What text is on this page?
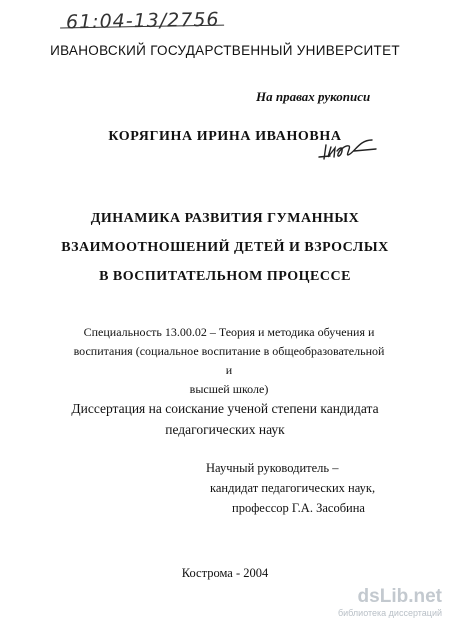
61:04-13/2756
ИВАНОВСКИЙ ГОСУДАРСТВЕННЫЙ УНИВЕРСИТЕТ
На правах рукописи
КОРЯГИНА ИРИНА ИВАНОВНА
ДИНАМИКА РАЗВИТИЯ ГУМАННЫХ
ВЗАИМООТНОШЕНИЙ ДЕТЕЙ И ВЗРОСЛЫХ
В ВОСПИТАТЕЛЬНОМ ПРОЦЕССЕ
Специальность 13.00.02 – Теория и методика обучения и
воспитания (социальное воспитание в общеобразовательной и
высшей школе)
Диссертация на соискание ученой степени кандидата
педагогических наук
Научный руководитель –
кандидат педагогических наук,
профессор Г.А. Засобина
Кострома - 2004
dsLib.net
библиотека диссертаций
